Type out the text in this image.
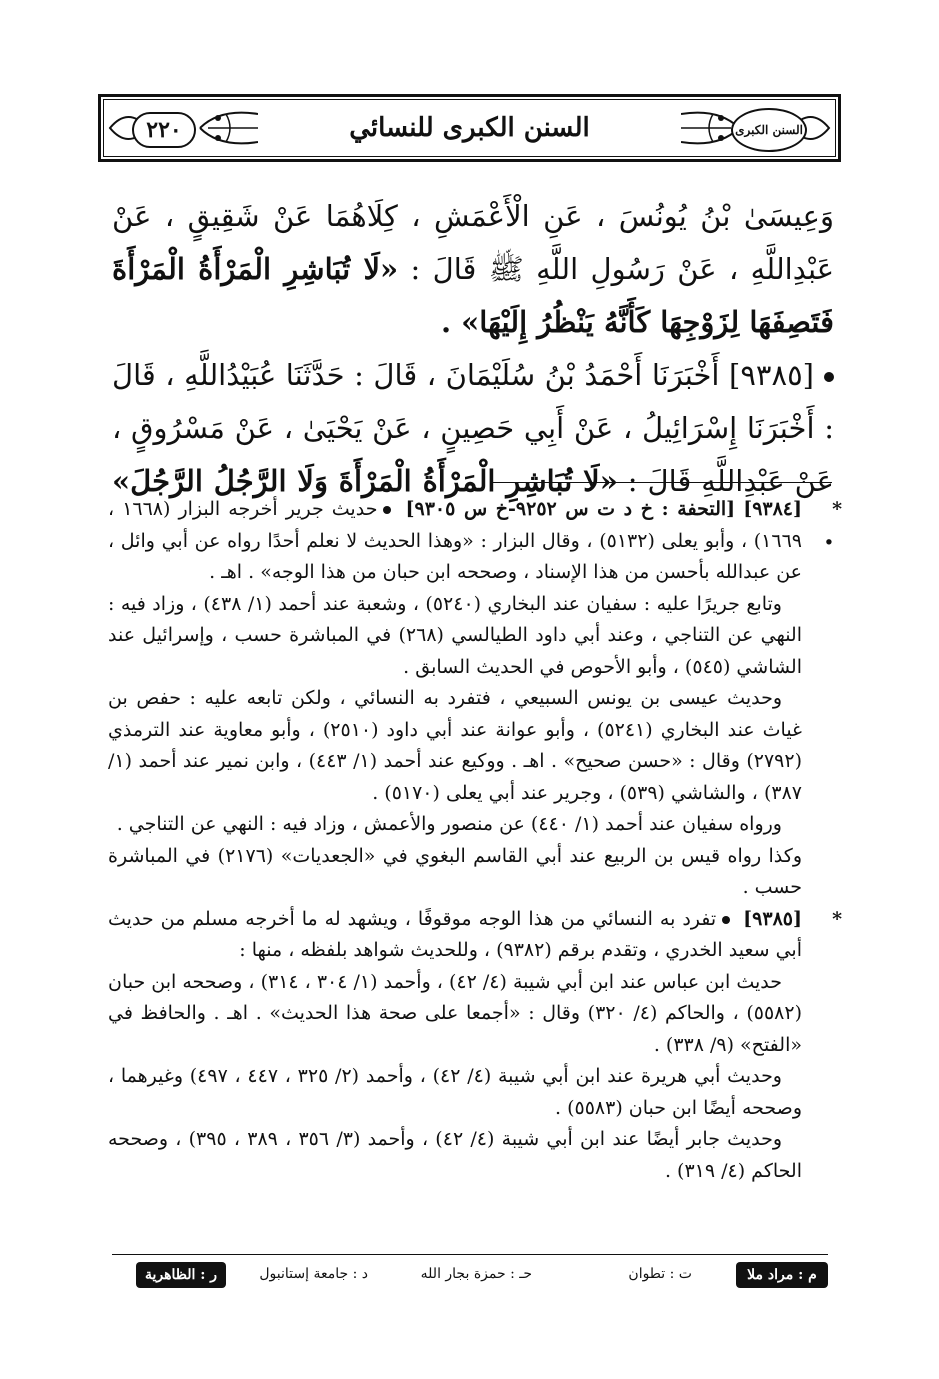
٢٢٠	السنن الكبرى للنسائي	السنن الكبرى

وَعِيسَىٰ بْنُ يُونُسَ ، عَنِ الْأَعْمَشِ ، كِلَاهُمَا عَنْ شَقِيقٍ ، عَنْ عَبْدِاللَّهِ ، عَنْ رَسُولِ اللَّهِ ﷺ قَالَ : «لَا تُبَاشِرِ الْمَرْأَةُ الْمَرْأَةَ فَتَصِفَهَا لِزَوْجِهَا كَأَنَّهُ يَنْظُرُ إِلَيْهَا» .

[٩٣٨٥] أَخْبَرَنَا أَحْمَدُ بْنُ سُلَيْمَانَ ، قَالَ : حَدَّثَنَا عُبَيْدُاللَّهِ ، قَالَ : أَخْبَرَنَا إِسْرَائِيلُ ، عَنْ أَبِي حَصِينٍ ، عَنْ يَحْيَىٰ ، عَنْ مَسْرُوقٍ ، عَنْ عَبْدِاللَّهِ قَالَ : «لَا تُبَاشِرِ الْمَرْأَةُ الْمَرْأَةَ وَلَا الرَّجُلُ الرَّجُلَ» .

*[٩٣٨٤] [التحفة : خ د ت س ٩٢٥٢-خ س ٩٣٠٥] حديث جرير أخرجه البزار (١٦٦٨ ، ١٦٦٩) ، وأبو يعلى (٥١٣٢) ، وقال البزار : «وهذا الحديث لا نعلم أحدًا رواه عن أبي وائل ، عن عبدالله بأحسن من هذا الإسناد ، وصححه ابن حبان من هذا الوجه» . اهـ .

وتابع جريرًا عليه : سفيان عند البخاري (٥٢٤٠) ، وشعبة عند أحمد (١/ ٤٣٨) ، وزاد فيه : النهي عن التناجي ، وعند أبي داود الطيالسي (٢٦٨) في المباشرة حسب ، وإسرائيل عند الشاشي (٥٤٥) ، وأبو الأحوص في الحديث السابق .

وحديث عيسى بن يونس السبيعي ، فتفرد به النسائي ، ولكن تابعه عليه : حفص بن غياث عند البخاري (٥٢٤١) ، وأبو عوانة عند أبي داود (٢٥١٠) ، وأبو معاوية عند الترمذي (٢٧٩٢) وقال : «حسن صحيح» . اهـ . ووكيع عند أحمد (١/ ٤٤٣) ، وابن نمير عند أحمد (١/ ٣٨٧) ، والشاشي (٥٣٩) ، وجرير عند أبي يعلى (٥١٧٠) .

ورواه سفيان عند أحمد (١/ ٤٤٠) عن منصور والأعمش ، وزاد فيه : النهي عن التناجي .

وكذا رواه قيس بن الربيع عند أبي القاسم البغوي في «الجعديات» (٢١٧٦) في المباشرة حسب .

*[٩٣٨٥] تفرد به النسائي من هذا الوجه موقوفًا ، ويشهد له ما أخرجه مسلم من حديث أبي سعيد الخدري ، وتقدم برقم (٩٣٨٢) ، وللحديث شواهد بلفظه ، منها :

حديث ابن عباس عند ابن أبي شيبة (٤/ ٤٢) ، وأحمد (١/ ٣٠٤ ، ٣١٤) ، وصححه ابن حبان (٥٥٨٢) ، والحاكم (٤/ ٣٢٠) وقال : «أجمعا على صحة هذا الحديث» . اهـ . والحافظ في «الفتح» (٩/ ٣٣٨) .

وحديث أبي هريرة عند ابن أبي شيبة (٤/ ٤٢) ، وأحمد (٢/ ٣٢٥ ، ٤٤٧ ، ٤٩٧) وغيرهما ، وصححه أيضًا ابن حبان (٥٥٨٣) .

وحديث جابر أيضًا عند ابن أبي شيبة (٤/ ٤٢) ، وأحمد (٣/ ٣٥٦ ، ٣٨٩ ، ٣٩٥) ، وصححه الحاكم (٤/ ٣١٩) .

م : مراد ملا
ت : تطوان
حـ : حمزة بجار الله
د : جامعة إستانبول
ر : الظاهرية
